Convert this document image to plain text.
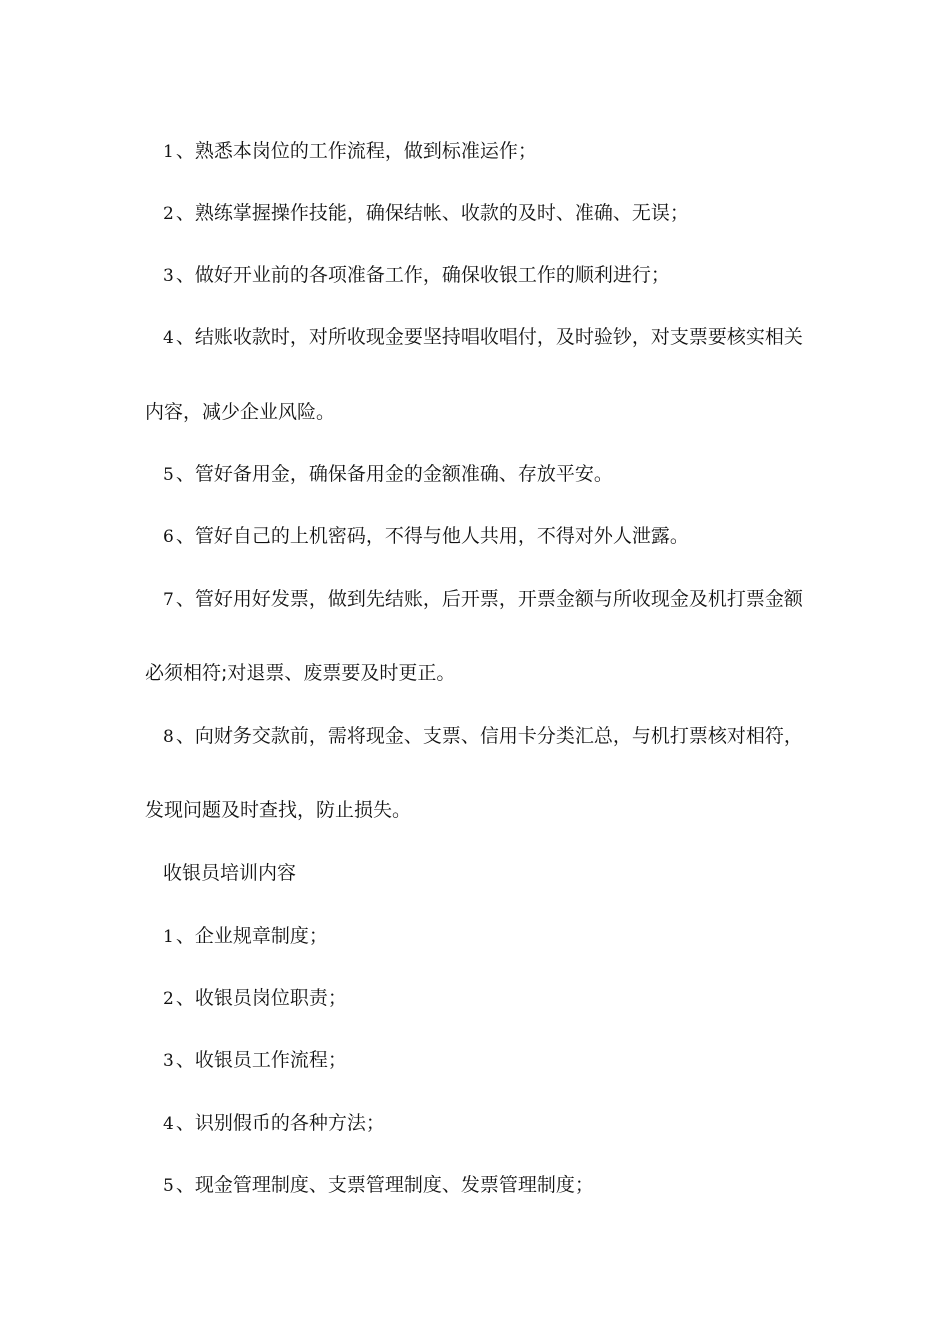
1 、熟悉本岗位的工作流程，做到标准运作；
2 、熟练掌握操作技能，确保结帐、收款的及时、准确、无误；
3 、做好开业前的各项准备工作，确保收银工作的顺利进行；
4 、结账收款时，对所收现金要坚持唱收唱付，及时验钞，对支票要核实相关
内容，减少企业风险。
5 、管好备用金，确保备用金的金额准确、存放平安。
6 、管好自己的上机密码，不得与他人共用，不得对外人泄露。
7 、管好用好发票，做到先结账，后开票，开票金额与所收现金及机打票金额
必须相符;对退票、废票要及时更正。
8 、向财务交款前，需将现金、支票、信用卡分类汇总，与机打票核对相符，
发现问题及时查找，防止损失。
收银员培训内容
1 、企业规章制度；
2 、收银员岗位职责；
3 、收银员工作流程；
4 、识别假币的各种方法；
5 、现金管理制度、支票管理制度、发票管理制度；
